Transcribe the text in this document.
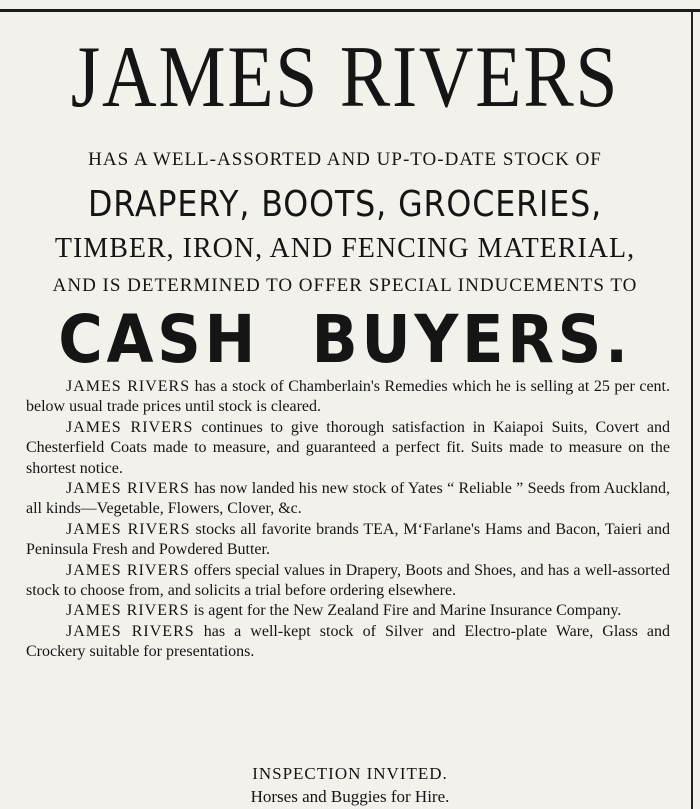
JAMES RIVERS
HAS A WELL-ASSORTED AND UP-TO-DATE STOCK OF
DRAPERY, BOOTS, GROCERIES,
TIMBER, IRON, AND FENCING MATERIAL,
AND IS DETERMINED TO OFFER SPECIAL INDUCEMENTS TO
CASH BUYERS.

JAMES RIVERS has a stock of Chamberlain's Remedies which he is selling at 25 per cent. below usual trade prices until stock is cleared.

JAMES RIVERS continues to give thorough satisfaction in Kaiapoi Suits, Covert and Chesterfield Coats made to measure, and guaranteed a perfect fit. Suits made to measure on the shortest notice.

JAMES RIVERS has now landed his new stock of Yates “ Reliable ” Seeds from Auckland, all kinds—Vegetable, Flowers, Clover, &c.

JAMES RIVERS stocks all favorite brands TEA, M‘Farlane's Hams and Bacon, Taieri and Peninsula Fresh and Powdered Butter.

JAMES RIVERS offers special values in Drapery, Boots and Shoes, and has a well-assorted stock to choose from, and solicits a trial before ordering elsewhere.

JAMES RIVERS is agent for the New Zealand Fire and Marine Insurance Company.

JAMES RIVERS has a well-kept stock of Silver and Electro-plate Ware, Glass and Crockery suitable for presentations.

INSPECTION INVITED.
Horses and Buggies for Hire.
